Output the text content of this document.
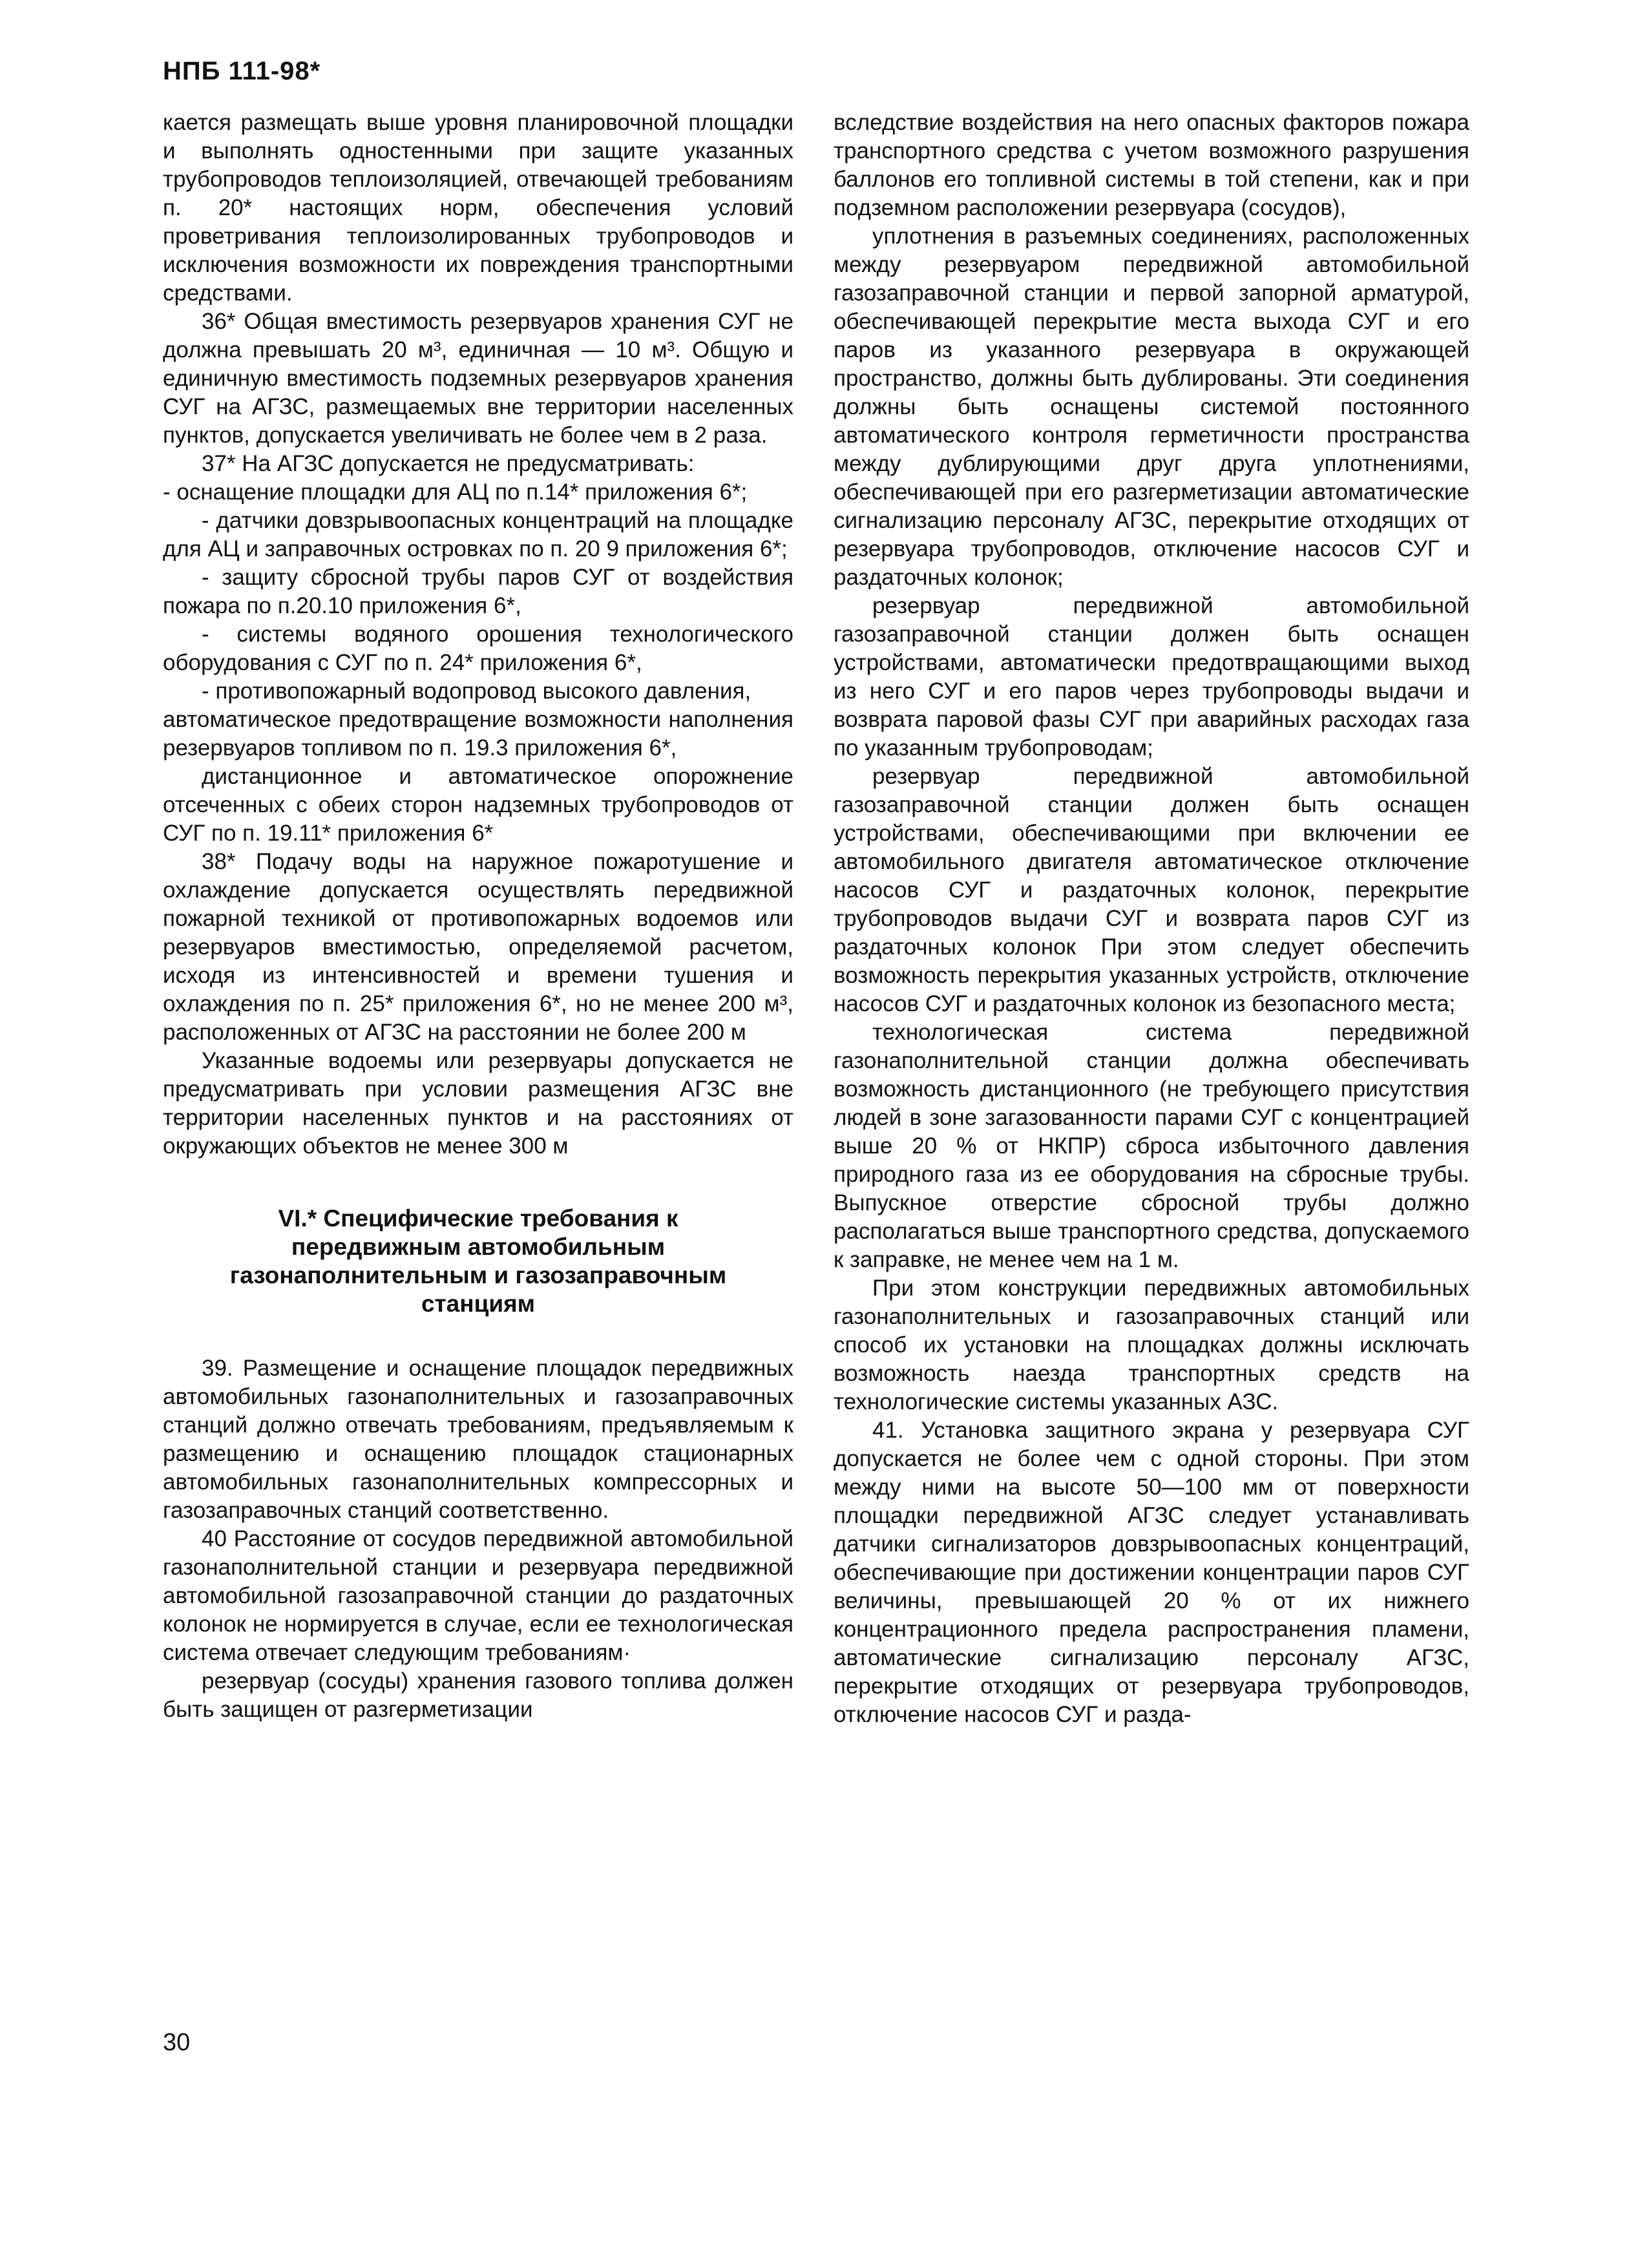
НПБ 111-98*

кается размещать выше уровня планировочной площадки и выполнять одностенными при защите указанных трубопроводов теплоизоляцией, отвечающей требованиям п. 20* настоящих норм, обеспечения условий проветривания теплоизолированных трубопроводов и исключения возможности их повреждения транспортными средствами.

36* Общая вместимость резервуаров хранения СУГ не должна превышать 20 м³, единичная — 10 м³. Общую и единичную вместимость подземных резервуаров хранения СУГ на АГЗС, размещаемых вне территории населенных пунктов, допускается увеличивать не более чем в 2 раза.

37* На АГЗС допускается не предусматривать:

- оснащение площадки для АЦ по п.14* приложения 6*;

- датчики довзрывоопасных концентраций на площадке для АЦ и заправочных островках по п. 20 9 приложения 6*;

- защиту сбросной трубы паров СУГ от воздействия пожара по п.20.10 приложения 6*,

- системы водяного орошения технологического оборудования с СУГ по п. 24* приложения 6*,

- противопожарный водопровод высокого давления,

автоматическое предотвращение возможности наполнения резервуаров топливом по п. 19.3 приложения 6*,

дистанционное и автоматическое опорожнение отсеченных с обеих сторон надземных трубопроводов от СУГ по п. 19.11* приложения 6*

38* Подачу воды на наружное пожаротушение и охлаждение допускается осуществлять передвижной пожарной техникой от противопожарных водоемов или резервуаров вместимостью, определяемой расчетом, исходя из интенсивностей и времени тушения и охлаждения по п. 25* приложения 6*, но не менее 200 м³, расположенных от АГЗС на расстоянии не более 200 м

Указанные водоемы или резервуары допускается не предусматривать при условии размещения АГЗС вне территории населенных пунктов и на расстояниях от окружающих объектов не менее 300 м

VI.* Специфические требования к передвижным автомобильным газонаполнительным и газозаправочным станциям

39. Размещение и оснащение площадок передвижных автомобильных газонаполнительных и газозаправочных станций должно отвечать требованиям, предъявляемым к размещению и оснащению площадок стационарных автомобильных газонаполнительных компрессорных и газозаправочных станций соответственно.

40 Расстояние от сосудов передвижной автомобильной газонаполнительной станции и резервуара передвижной автомобильной газозаправочной станции до раздаточных колонок не нормируется в случае, если ее технологическая система отвечает следующим требованиям·

резервуар (сосуды) хранения газового топлива должен быть защищен от разгерметизации

вследствие воздействия на него опасных факторов пожара транспортного средства с учетом возможного разрушения баллонов его топливной системы в той степени, как и при подземном расположении резервуара (сосудов),

уплотнения в разъемных соединениях, расположенных между резервуаром передвижной автомобильной газозаправочной станции и первой запорной арматурой, обеспечивающей перекрытие места выхода СУГ и его паров из указанного резервуара в окружающей пространство, должны быть дублированы. Эти соединения должны быть оснащены системой постоянного автоматического контроля герметичности пространства между дублирующими друг друга уплотнениями, обеспечивающей при его разгерметизации автоматические сигнализацию персоналу АГЗС, перекрытие отходящих от резервуара трубопроводов, отключение насосов СУГ и раздаточных колонок;

резервуар передвижной автомобильной газозаправочной станции должен быть оснащен устройствами, автоматически предотвращающими выход из него СУГ и его паров через трубопроводы выдачи и возврата паровой фазы СУГ при аварийных расходах газа по указанным трубопроводам;

резервуар передвижной автомобильной газозаправочной станции должен быть оснащен устройствами, обеспечивающими при включении ее автомобильного двигателя автоматическое отключение насосов СУГ и раздаточных колонок, перекрытие трубопроводов выдачи СУГ и возврата паров СУГ из раздаточных колонок При этом следует обеспечить возможность перекрытия указанных устройств, отключение насосов СУГ и раздаточных колонок из безопасного места;

технологическая система передвижной газонаполнительной станции должна обеспечивать возможность дистанционного (не требующего присутствия людей в зоне загазованности парами СУГ с концентрацией выше 20 % от НКПР) сброса избыточного давления природного газа из ее оборудования на сбросные трубы. Выпускное отверстие сбросной трубы должно располагаться выше транспортного средства, допускаемого к заправке, не менее чем на 1 м.

При этом конструкции передвижных автомобильных газонаполнительных и газозаправочных станций или способ их установки на площадках должны исключать возможность наезда транспортных средств на технологические системы указанных АЗС.

41. Установка защитного экрана у резервуара СУГ допускается не более чем с одной стороны. При этом между ними на высоте 50—100 мм от поверхности площадки передвижной АГЗС следует устанавливать датчики сигнализаторов довзрывоопасных концентраций, обеспечивающие при достижении концентрации паров СУГ величины, превышающей 20 % от их нижнего концентрационного предела распространения пламени, автоматические сигнализацию персоналу АГЗС, перекрытие отходящих от резервуара трубопроводов, отключение насосов СУГ и разда-

30
